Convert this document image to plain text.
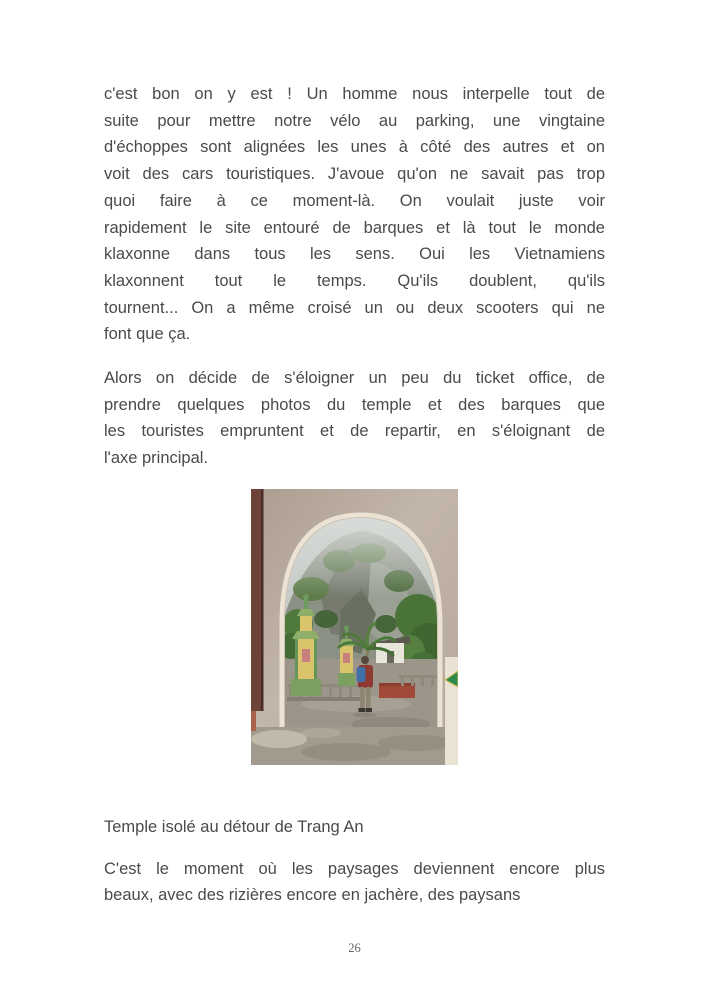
c'est bon on y est ! Un homme nous interpelle tout de
suite pour mettre notre vélo au parking, une vingtaine
d'échoppes sont alignées les unes à côté des autres et on
voit des cars touristiques. J'avoue qu'on ne savait pas trop
quoi faire à ce moment-là. On voulait juste voir
rapidement le site entouré de barques et là tout le monde
klaxonne dans tous les sens. Oui les Vietnamiens
klaxonnent tout le temps. Qu'ils doublent, qu'ils
tournent... On a même croisé un ou deux scooters qui ne
font que ça.

Alors on décide de s'éloigner un peu du ticket office, de
prendre quelques photos du temple et des barques que
les touristes empruntent et de repartir, en s'éloignant de
l'axe principal.

Temple isolé au détour de Trang An

C'est le moment où les paysages deviennent encore plus
beaux, avec des rizières encore en jachère, des paysans

26
